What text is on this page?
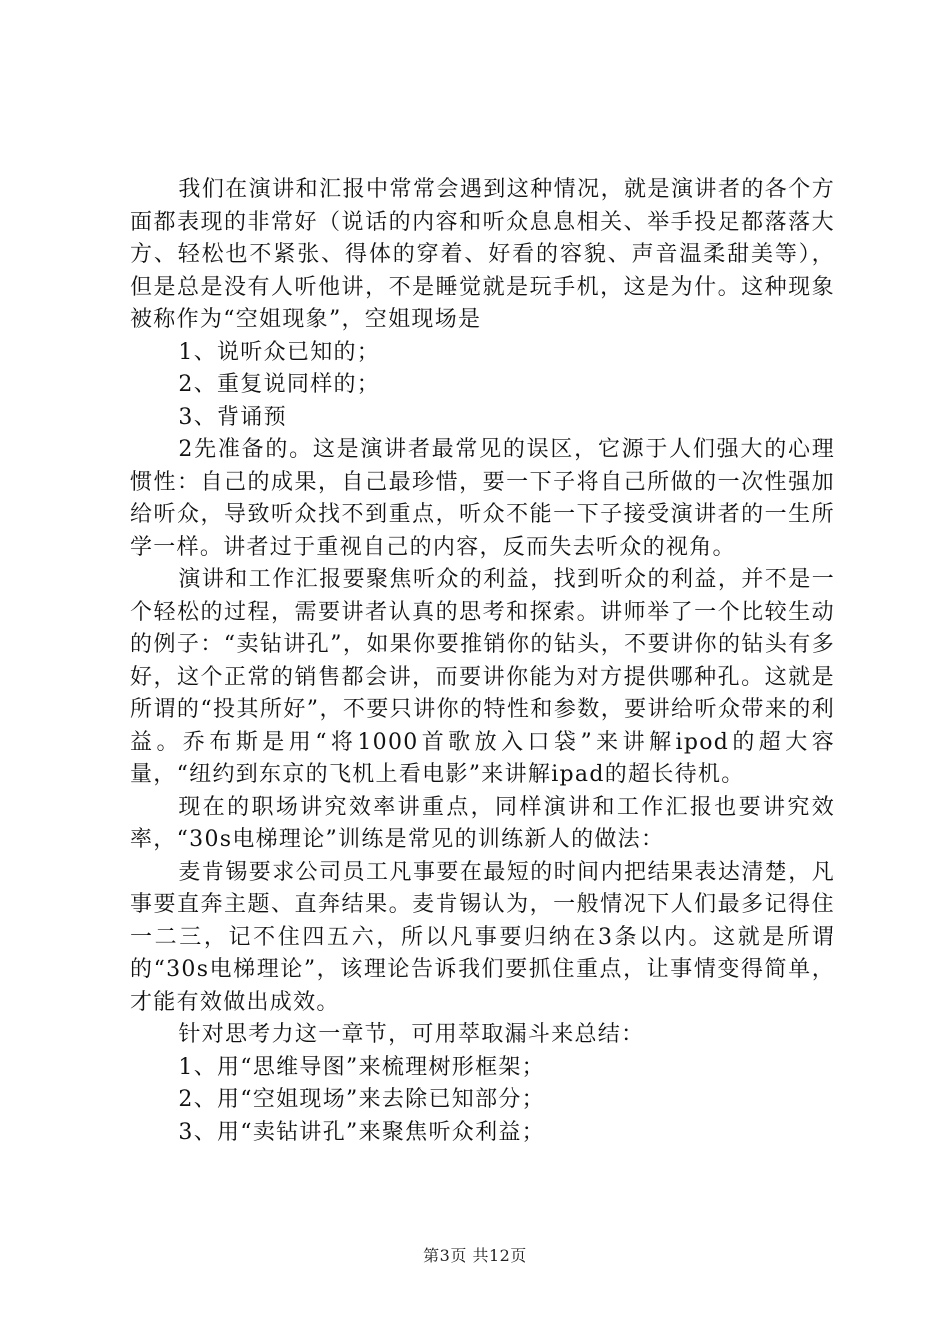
我们在演讲和汇报中常常会遇到这种情况，就是演讲者的各个方面都表现的非常好（说话的内容和听众息息相关、举手投足都落落大方、轻松也不紧张、得体的穿着、好看的容貌、声音温柔甜美等），但是总是没有人听他讲，不是睡觉就是玩手机，这是为什。这种现象被称作为“空姐现象”，空姐现场是

1、说听众已知的；

2、重复说同样的；

3、背诵预

2先准备的。这是演讲者最常见的误区，它源于人们强大的心理惯性：自己的成果，自己最珍惜，要一下子将自己所做的一次性强加给听众，导致听众找不到重点，听众不能一下子接受演讲者的一生所学一样。讲者过于重视自己的内容，反而失去听众的视角。

演讲和工作汇报要聚焦听众的利益，找到听众的利益，并不是一个轻松的过程，需要讲者认真的思考和探索。讲师举了一个比较生动的例子：“卖钻讲孔”，如果你要推销你的钻头，不要讲你的钻头有多好，这个正常的销售都会讲，而要讲你能为对方提供哪种孔。这就是所谓的“投其所好”，不要只讲你的特性和参数，要讲给听众带来的利益。乔布斯是用“将1000首歌放入口袋”来讲解ipod的超大容量，“纽约到东京的飞机上看电影”来讲解ipad的超长待机。

现在的职场讲究效率讲重点，同样演讲和工作汇报也要讲究效率，“30s电梯理论”训练是常见的训练新人的做法：

麦肯锡要求公司员工凡事要在最短的时间内把结果表达清楚，凡事要直奔主题、直奔结果。麦肯锡认为，一般情况下人们最多记得住一二三，记不住四五六，所以凡事要归纳在3条以内。这就是所谓的“30s电梯理论”，该理论告诉我们要抓住重点，让事情变得简单，才能有效做出成效。

针对思考力这一章节，可用萃取漏斗来总结：

1、用“思维导图”来梳理树形框架；

2、用“空姐现场”来去除已知部分；

3、用“卖钻讲孔”来聚焦听众利益；

第3页 共12页
